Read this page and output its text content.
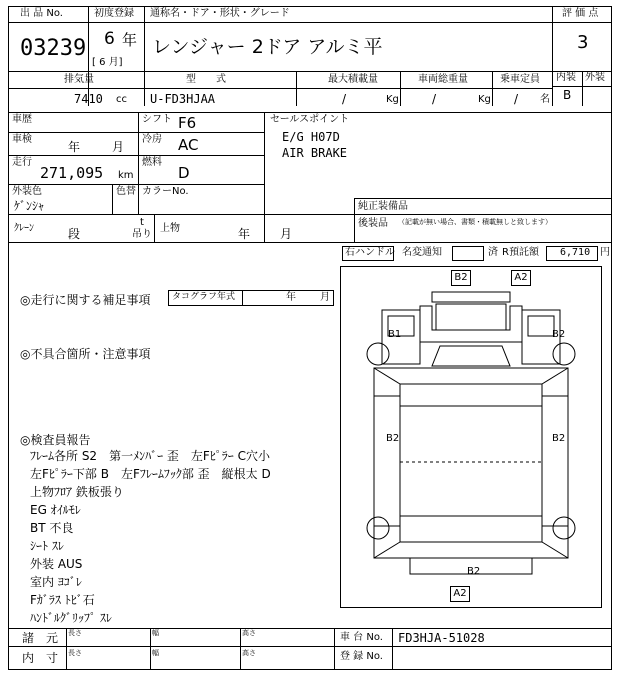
出 品 No.
03239
初度登録
6 年
[ 6 月]
通称名・ドア・形状・グレード
レンジャー 2ドア アルミ平
評 価 点
3
内装 外装
B
排気量
7410 cc
型　　式
U-FD3HJAA
最大積載量
/	Kg
車両総重量
/	Kg
乗車定員
/ 名
車歴	シフト F6
車検
年	月
冷房 AC
走行
271,095 km
燃料
D
外装色
ｹﾞﾝｼｬ
色替 カラーNo.
ｸﾚｰﾝ	段
t
吊り
上物	年 月
セールスポイント
E/G H07D
AIR BRAKE
純正装備品
後装品 （記載が無い場合、書類・積載無しと致します）
右ハンドル 名変通知	済 R預託額 6,710 円
◎走行に関する補足事項 タコグラフ年式	年 月
◎不具合箇所・注意事項
◎検査員報告
ﾌﾚｰﾑ各所 S2　第一ﾒﾝﾊﾞｰ 歪　左Fﾋﾟﾗｰ C穴小
左Fﾋﾟﾗｰ下部 B　左Fﾌﾚｰﾑﾌｯｸ部 歪　縦根太 D
上物ﾌﾛｱ 鉄板張り
EG ｵｲﾙﾓﾚ
BT 不良
ｼｰﾄ ｽﾚ
外装 AUS
室内 ﾖｺﾞﾚ
Fｶﾞﾗｽ ﾄﾋﾞ石
ﾊﾝﾄﾞﾙｸﾞﾘｯﾌﾟ ｽﾚ
B2	A2
B1
B2	B2
B2
A2
B2
諸　元 長さ	幅	高さ
内　寸 長さ	幅	高さ
車 台 No. FD3HJA-51028
登 録 No.
